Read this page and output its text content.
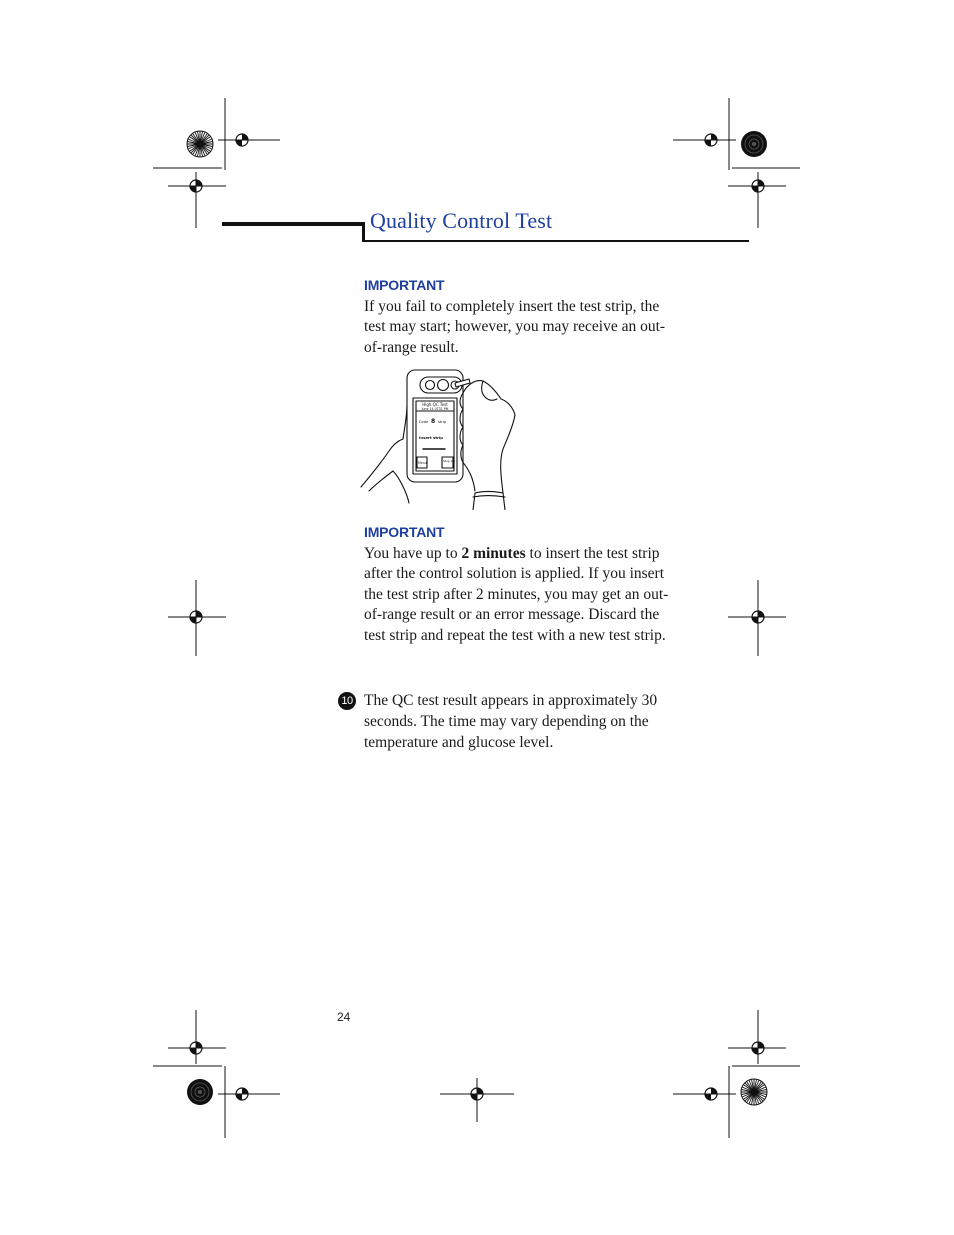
Quality Control Test
IMPORTANT
If you fail to completely insert the test strip, the test may start; however, you may receive an out-of-range result.
High QC Test
June 14 0731 PM
Code 8 strip
Insert strip
Menu	Stop QC
IMPORTANT
You have up to 2 minutes to insert the test strip after the control solution is applied. If you insert the test strip after 2 minutes, you may get an out-of-range result or an error message. Discard the test strip and repeat the test with a new test strip.
10 The QC test result appears in approximately 30 seconds. The time may vary depending on the temperature and glucose level.
24
